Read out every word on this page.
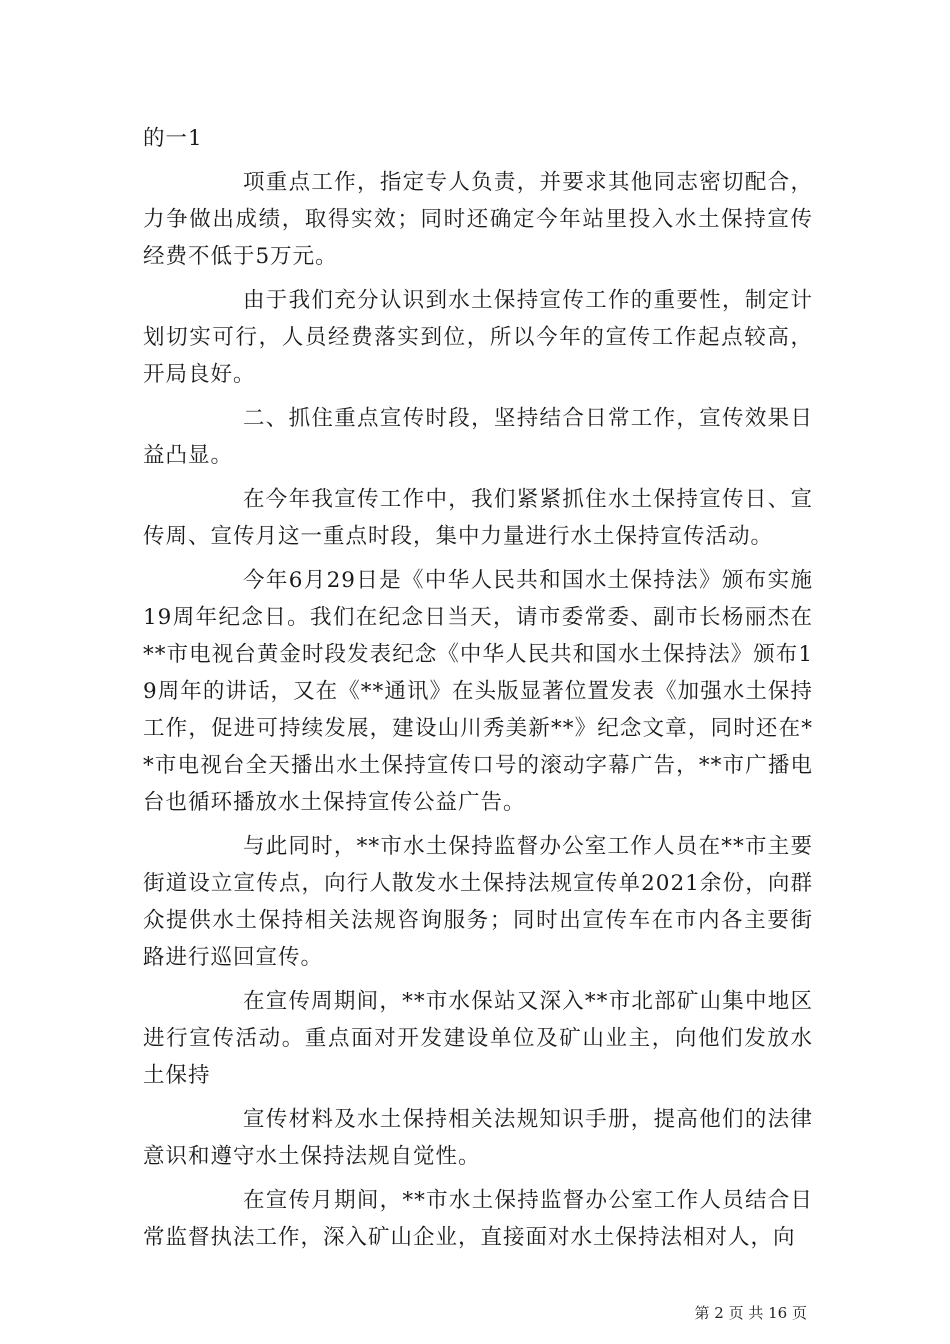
的一1

项重点工作，指定专人负责，并要求其他同志密切配合，力争做出成绩，取得实效；同时还确定今年站里投入水土保持宣传经费不低于5万元。

由于我们充分认识到水土保持宣传工作的重要性，制定计划切实可行，人员经费落实到位，所以今年的宣传工作起点较高，开局良好。

二、抓住重点宣传时段，坚持结合日常工作，宣传效果日益凸显。

在今年我宣传工作中，我们紧紧抓住水土保持宣传日、宣传周、宣传月这一重点时段，集中力量进行水土保持宣传活动。

今年6月29日是《中华人民共和国水土保持法》颁布实施19周年纪念日。我们在纪念日当天，请市委常委、副市长杨丽杰在**市电视台黄金时段发表纪念《中华人民共和国水土保持法》颁布19周年的讲话，又在《**通讯》在头版显著位置发表《加强水土保持工作，促进可持续发展，建设山川秀美新**》纪念文章，同时还在**市电视台全天播出水土保持宣传口号的滚动字幕广告，**市广播电台也循环播放水土保持宣传公益广告。

与此同时，**市水土保持监督办公室工作人员在**市主要街道设立宣传点，向行人散发水土保持法规宣传单2021余份，向群众提供水土保持相关法规咨询服务；同时出宣传车在市内各主要街路进行巡回宣传。

在宣传周期间，**市水保站又深入**市北部矿山集中地区进行宣传活动。重点面对开发建设单位及矿山业主，向他们发放水土保持

宣传材料及水土保持相关法规知识手册，提高他们的法律意识和遵守水土保持法规自觉性。

在宣传月期间，**市水土保持监督办公室工作人员结合日常监督执法工作，深入矿山企业，直接面对水土保持法相对人，向

第 2 页 共 16 页
